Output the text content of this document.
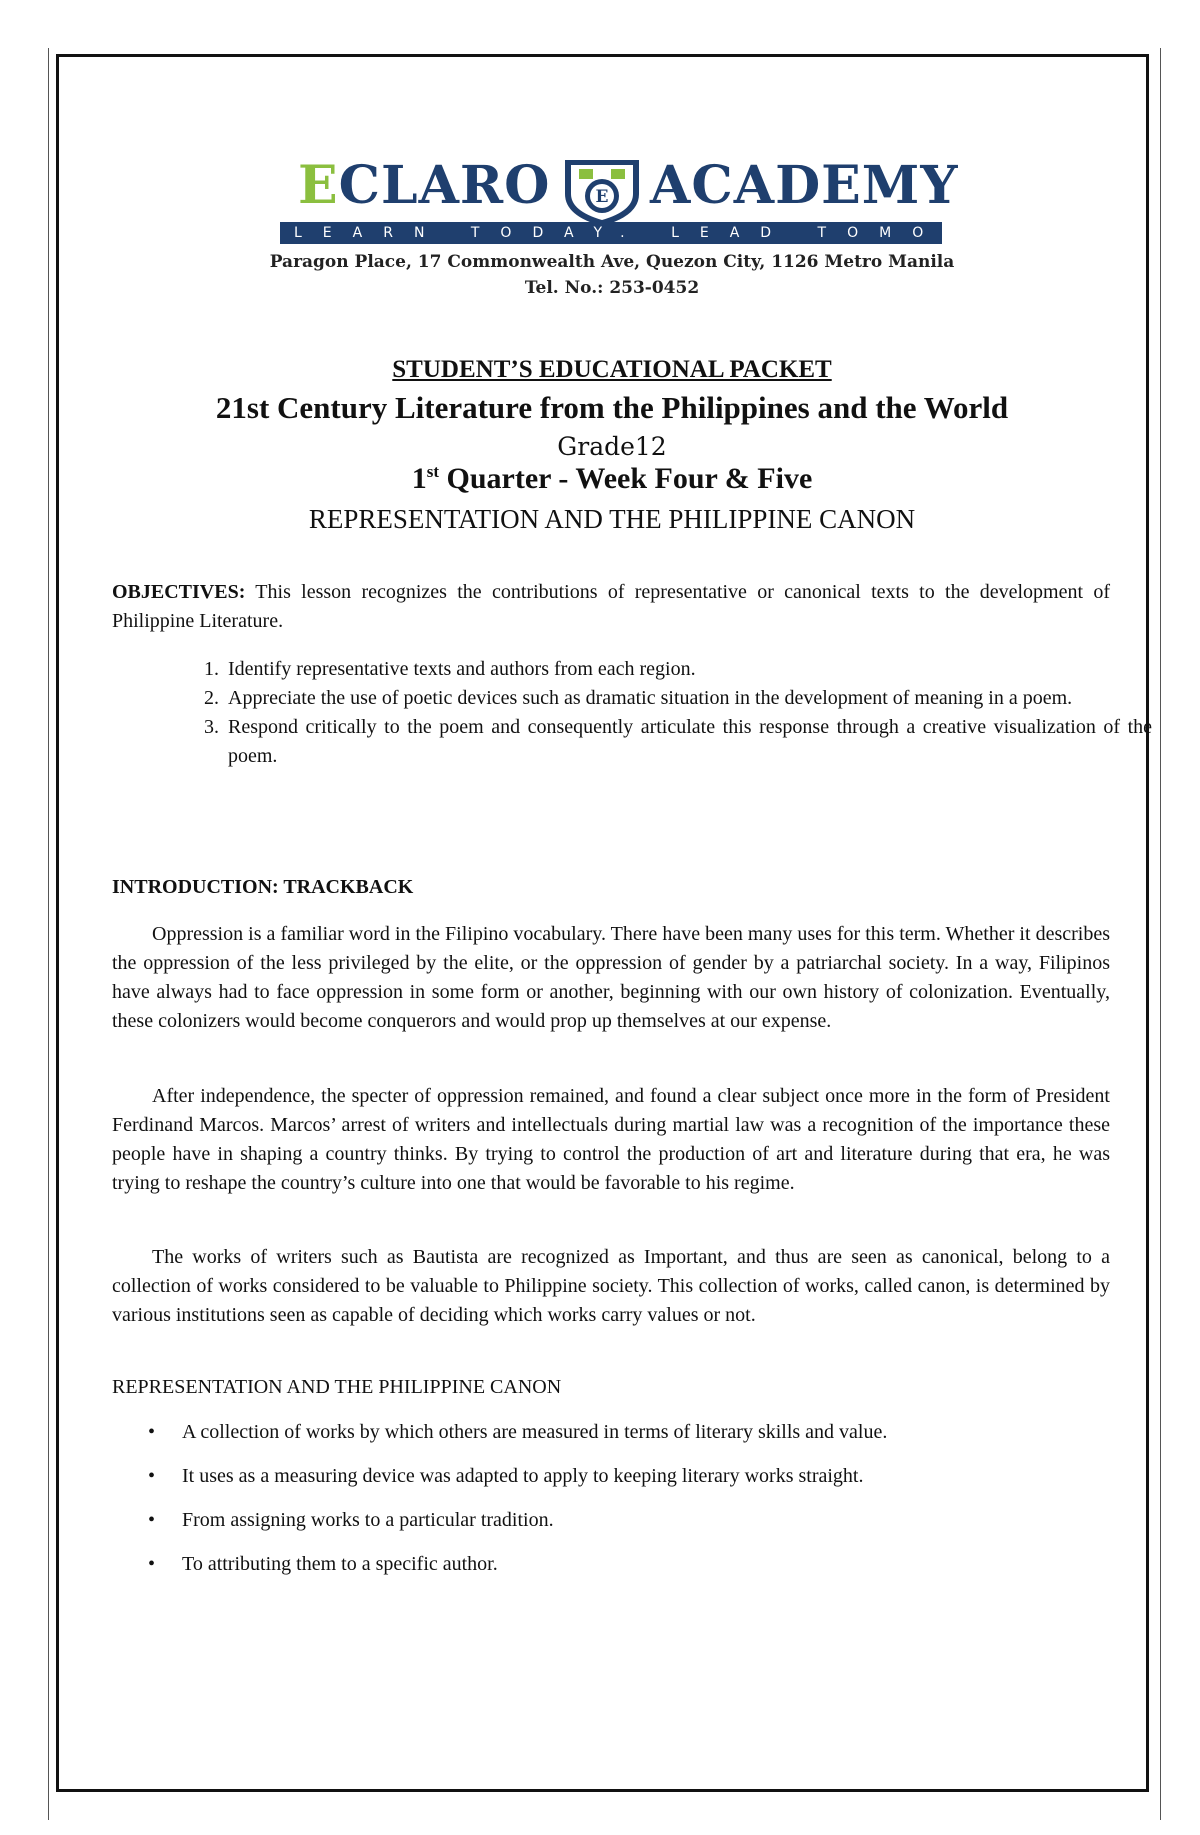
ECLARO	E ACADEMY
LEARN TODAY. LEAD TOMORROW.
Paragon Place, 17 Commonwealth Ave, Quezon City, 1126 Metro Manila
Tel. No.: 253-0452
STUDENT’S EDUCATIONAL PACKET
21st Century Literature from the Philippines and the World
Grade12
1st Quarter - Week Four & Five
REPRESENTATION AND THE PHILIPPINE CANON
OBJECTIVES: This lesson recognizes the contributions of representative or canonical texts to the development of Philippine Literature.
1. Identify representative texts and authors from each region.
2. Appreciate the use of poetic devices such as dramatic situation in the development of meaning in a poem.
3. Respond critically to the poem and consequently articulate this response through a creative visualization of the poem.
INTRODUCTION: TRACKBACK
Oppression is a familiar word in the Filipino vocabulary. There have been many uses for this term. Whether it describes the oppression of the less privileged by the elite, or the oppression of gender by a patriarchal society. In a way, Filipinos have always had to face oppression in some form or another, beginning with our own history of colonization. Eventually, these colonizers would become conquerors and would prop up themselves at our expense.
After independence, the specter of oppression remained, and found a clear subject once more in the form of President Ferdinand Marcos. Marcos’ arrest of writers and intellectuals during martial law was a recognition of the importance these people have in shaping a country thinks. By trying to control the production of art and literature during that era, he was trying to reshape the country’s culture into one that would be favorable to his regime.
The works of writers such as Bautista are recognized as Important, and thus are seen as canonical, belong to a collection of works considered to be valuable to Philippine society. This collection of works, called canon, is determined by various institutions seen as capable of deciding which works carry values or not.
REPRESENTATION AND THE PHILIPPINE CANON
• A collection of works by which others are measured in terms of literary skills and value.
• It uses as a measuring device was adapted to apply to keeping literary works straight.
• From assigning works to a particular tradition.
• To attributing them to a specific author.
